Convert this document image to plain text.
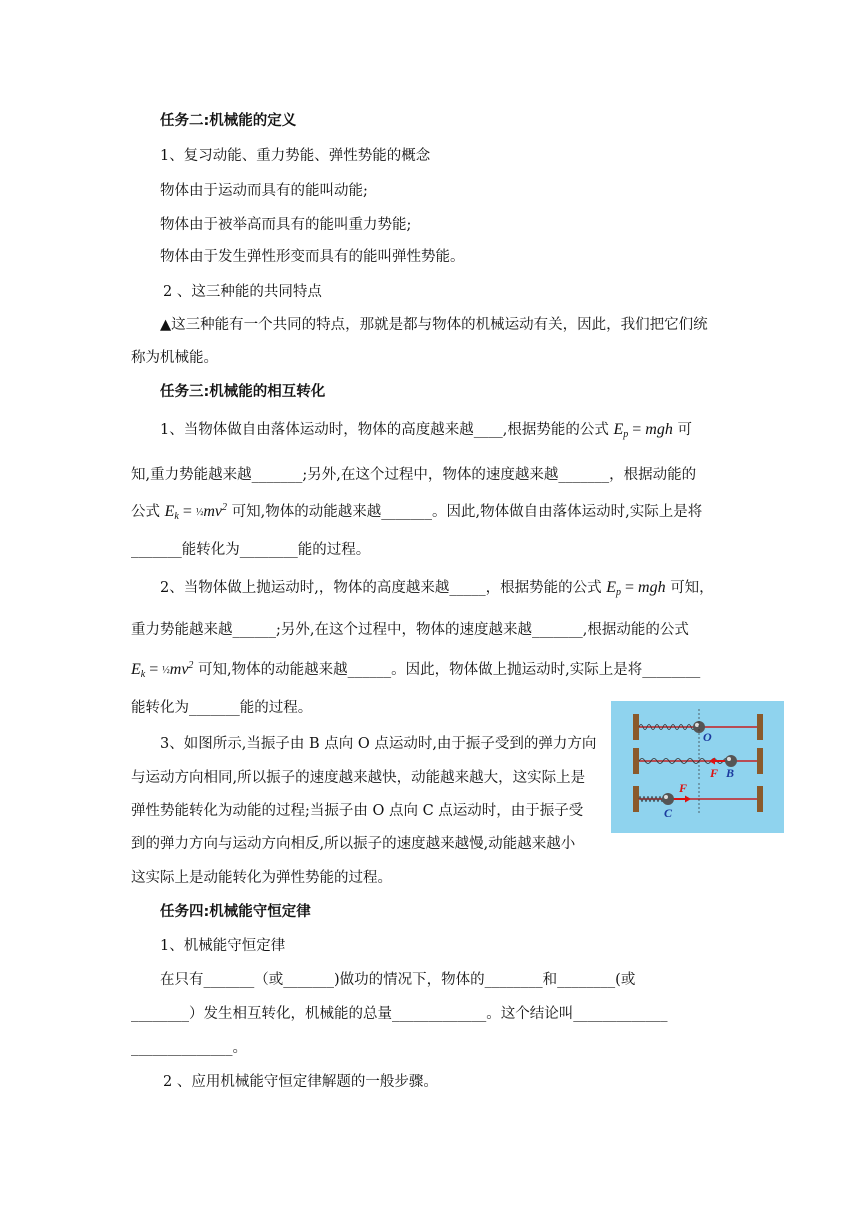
任务二:机械能的定义
1、复习动能、重力势能、弹性势能的概念
物体由于运动而具有的能叫动能;
物体由于被举高而具有的能叫重力势能;
物体由于发生弹性形变而具有的能叫弹性势能。
2 、这三种能的共同特点
▲这三种能有一个共同的特点，那就是都与物体的机械运动有关，因此，我们把它们统
称为机械能。
任务三:机械能的相互转化
1、当物体做自由落体运动时，物体的高度越来越____,根据势能的公式 $E_p$ = mgh 可
知,重力势能越来越_______;另外,在这个过程中，物体的速度越来越_______，根据动能的
公式 $E_k$ = $\frac{1}{2}mv^2$ 可知,物体的动能越来越_______。因此,物体做自由落体运动时,实际上是将
_______能转化为________能的过程。
2、当物体做上抛运动时,，物体的高度越来越_____，根据势能的公式 $E_p$ = mgh 可知，
重力势能越来越______;另外,在这个过程中，物体的速度越来越_______,根据动能的公式
$E_k$ = $\frac{1}{2}mv^2$ 可知,物体的动能越来越______。因此，物体做上抛运动时,实际上是将________
能转化为_______能的过程。
3、如图所示,当振子由 B 点向 O 点运动时,由于振子受到的弹力方向
与运动方向相同,所以振子的速度越来越快，动能越来越大，这实际上是
弹性势能转化为动能的过程;当振子由 O 点向 C 点运动时，由于振子受
到的弹力方向与运动方向相反,所以振子的速度越来越慢,动能越来越小
这实际上是动能转化为弹性势能的过程。
O
F B
F
C
任务四:机械能守恒定律
1、机械能守恒定律
在只有_______（或_______)做功的情况下，物体的________和________(或
________）发生相互转化，机械能的总量_____________。这个结论叫_____________
______________。
2 、应用机械能守恒定律解题的一般步骤。
